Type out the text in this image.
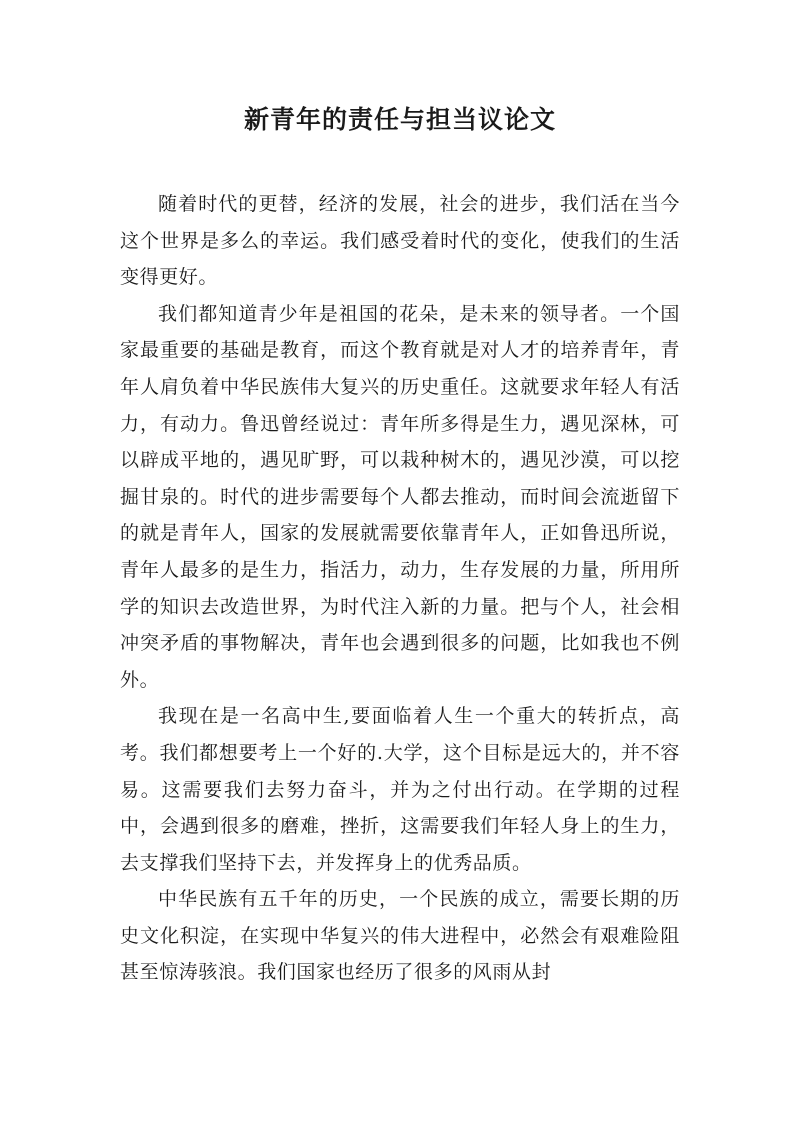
新青年的责任与担当议论文

随着时代的更替，经济的发展，社会的进步，我们活在当今这个世界是多么的幸运。我们感受着时代的变化，使我们的生活变得更好。

我们都知道青少年是祖国的花朵，是未来的领导者。一个国家最重要的基础是教育，而这个教育就是对人才的培养青年，青年人肩负着中华民族伟大复兴的历史重任。这就要求年轻人有活力，有动力。鲁迅曾经说过：青年所多得是生力，遇见深林，可以辟成平地的，遇见旷野，可以栽种树木的，遇见沙漠，可以挖掘甘泉的。时代的进步需要每个人都去推动，而时间会流逝留下的就是青年人，国家的发展就需要依靠青年人，正如鲁迅所说，青年人最多的是生力，指活力，动力，生存发展的力量，所用所学的知识去改造世界，为时代注入新的力量。把与个人，社会相冲突矛盾的事物解决，青年也会遇到很多的问题，比如我也不例外。

我现在是一名高中生,要面临着人生一个重大的转折点，高考。我们都想要考上一个好的.大学，这个目标是远大的，并不容易。这需要我们去努力奋斗，并为之付出行动。在学期的过程中，会遇到很多的磨难，挫折，这需要我们年轻人身上的生力，去支撑我们坚持下去，并发挥身上的优秀品质。

中华民族有五千年的历史，一个民族的成立，需要长期的历史文化积淀，在实现中华复兴的伟大进程中，必然会有艰难险阻甚至惊涛骇浪。我们国家也经历了很多的风雨从封
